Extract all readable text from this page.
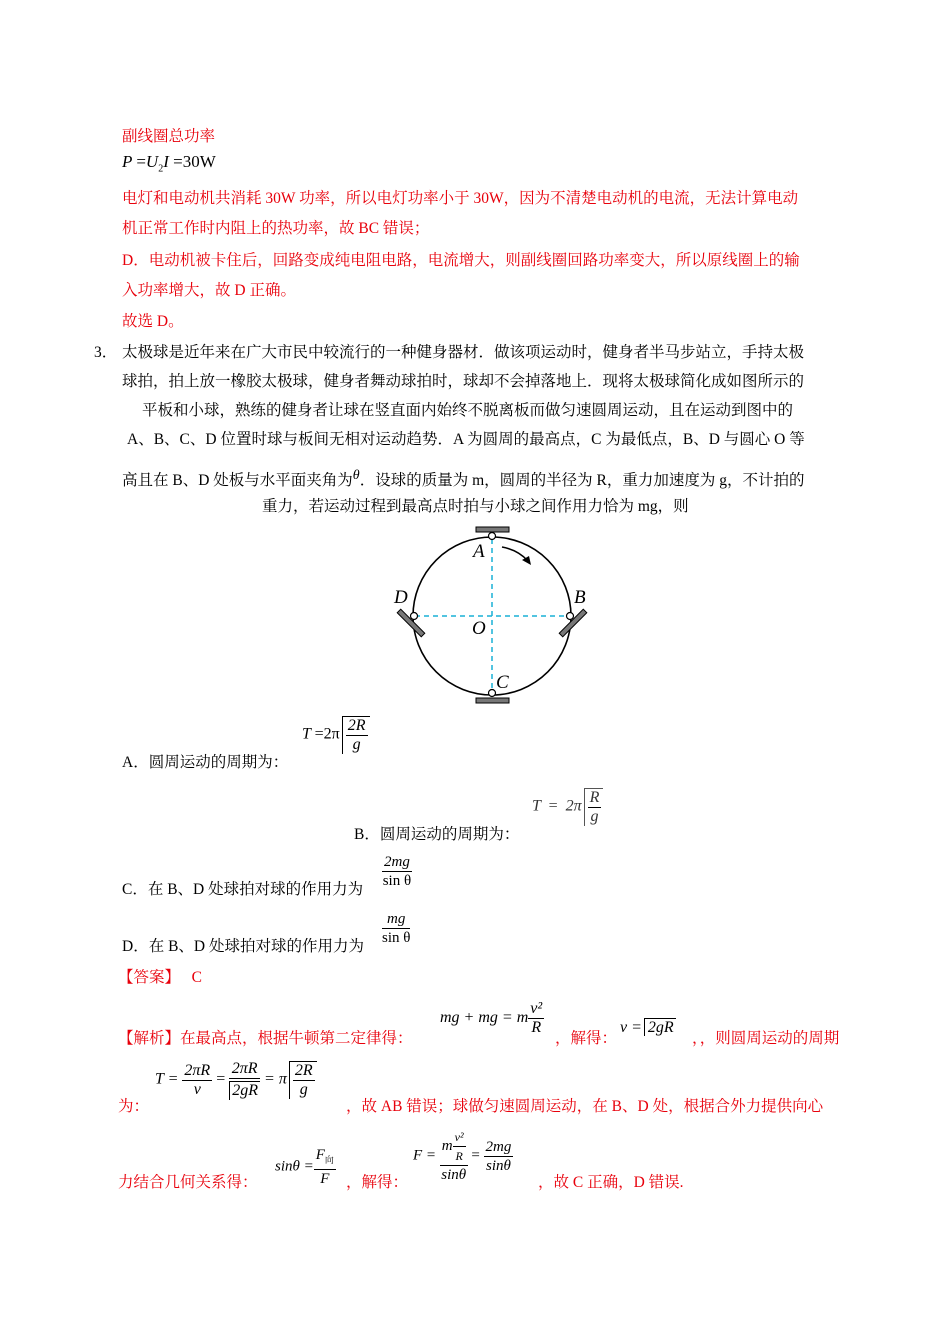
副线圈总功率
$P =U_2I =30W$
电灯和电动机共消耗 30W 功率，所以电灯功率小于 30W，因为不清楚电动机的电流，无法计算电动
机正常工作时内阻上的热功率，故 BC 错误；
D．电动机被卡住后，回路变成纯电阻电路，电流增大，则副线圈回路功率变大，所以原线圈上的输
入功率增大，故 D 正确。
故选 D。
3． 太极球是近年来在广大市民中较流行的一种健身器材．做该项运动时，健身者半马步站立，手持太极
球拍，拍上放一橡胶太极球，健身者舞动球拍时，球却不会掉落地上．现将太极球简化成如图所示的
平板和小球，熟练的健身者让球在竖直面内始终不脱离板而做匀速圆周运动，且在运动到图中的
A、B、C、D 位置时球与板间无相对运动趋势．A 为圆周的最高点，C 为最低点，B、D 与圆心 O 等
高且在 B、D 处板与水平面夹角为θ．设球的质量为 m，圆周的半径为 R，重力加速度为 g，不计拍的
重力，若运动过程到最高点时拍与小球之间作用力恰为 mg，则
A
B
C
D
O
A．圆周运动的周期为：
$T =2\pi \frac{2R}{g}$
B．圆周运动的周期为：
$T = 2\pi \frac{R}{g}$
C．在 B、D 处球拍对球的作用力为 $\frac{2mg}{\text{sin θ}}$
D．在 B、D 处球拍对球的作用力为 $\frac{mg}{\text{sin θ}}$
【答案】 C
【解析】在最高点，根据牛顿第二定律得：
mg + mg = m $\frac{\text{v²}}{R}$
，解得：
v = 2gR
，，则圆周运动的周期
为：
$T = \frac{2\pi R}{v} = \frac{2\pi R}{2gR} = \pi \frac{2R}{g}$
，故 AB 错误；球做匀速圆周运动，在 B、D 处，根据合外力提供向心
力结合几何关系得：
$\sin\theta = \frac{F_向}{F}$ ，解得：
$F = \frac{m \frac{\text{v²}}{R}}{\sin\theta} = \frac{2mg}{\sin\theta}$
，故 C 正确，D 错误.
